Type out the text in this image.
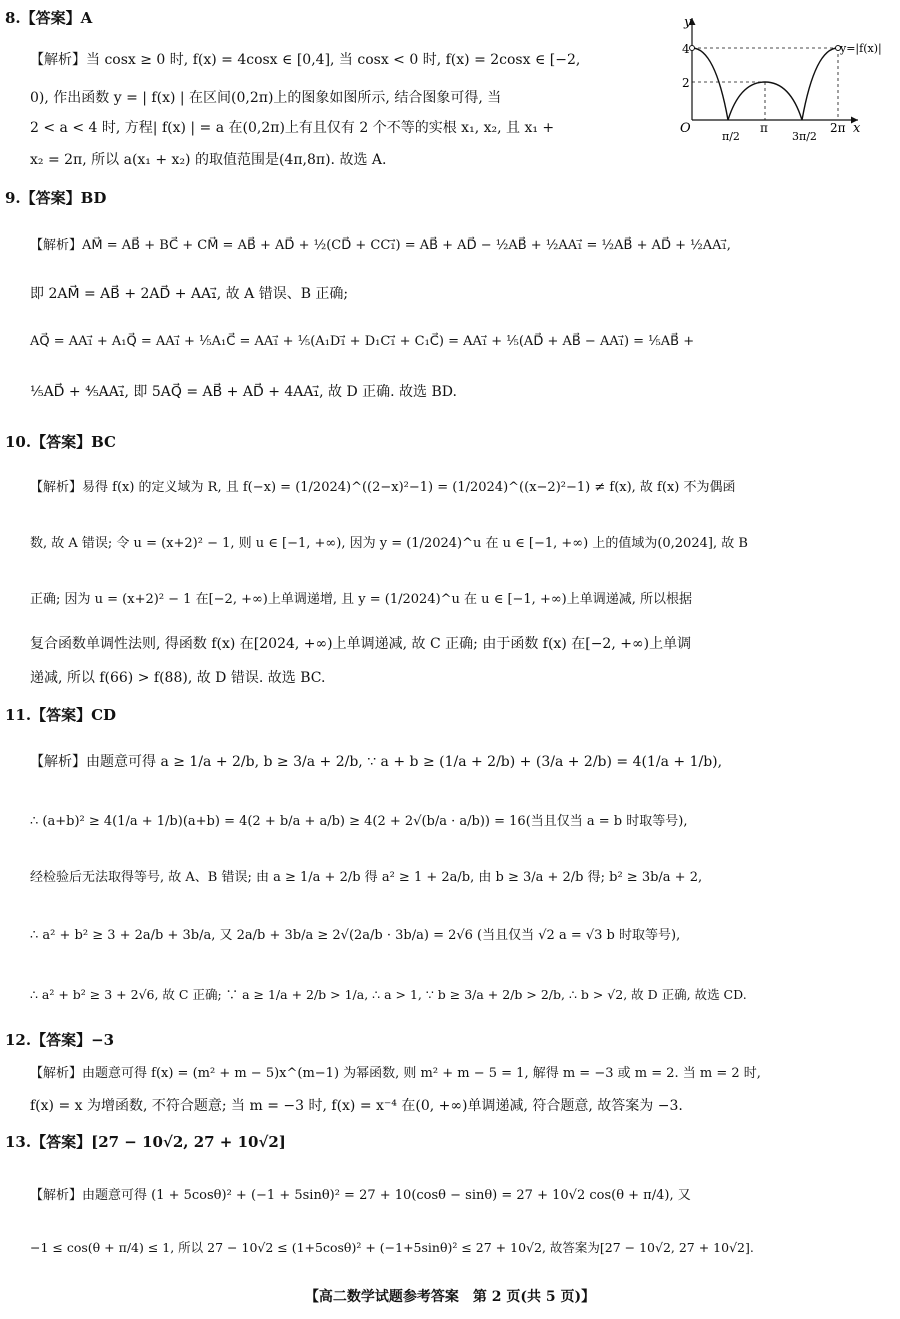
8.【答案】A
【解析】当 cosx ≥ 0 时, f(x) = 4cosx ∈ [0,4], 当 cosx < 0 时, f(x) = 2cosx ∈ [−2,
0), 作出函数 y = | f(x) | 在区间(0,2π)上的图象如图所示, 结合图象可得, 当
2 < a < 4 时, 方程| f(x) | = a 在(0,2π)上有且仅有 2 个不等的实根 x₁, x₂, 且 x₁ +
x₂ = 2π, 所以 a(x₁ + x₂) 的取值范围是(4π,8π). 故选 A.
y
x
O
4
2
y=|f(x)|
π/2
π
3π/2
2π
9.【答案】BD
【解析】AM⃗ = AB⃗ + BC⃗ + CM⃗ = AB⃗ + AD⃗ + ½(CD⃗ + CC₁⃗) = AB⃗ + AD⃗ − ½AB⃗ + ½AA₁⃗ = ½AB⃗ + AD⃗ + ½AA₁⃗,
即 2AM⃗ = AB⃗ + 2AD⃗ + AA₁⃗, 故 A 错误、B 正确;
AQ⃗ = AA₁⃗ + A₁Q⃗ = AA₁⃗ + ⅕A₁C⃗ = AA₁⃗ + ⅕(A₁D₁⃗ + D₁C₁⃗ + C₁C⃗) = AA₁⃗ + ⅕(AD⃗ + AB⃗ − AA₁⃗) = ⅕AB⃗ +
⅕AD⃗ + ⅘AA₁⃗, 即 5AQ⃗ = AB⃗ + AD⃗ + 4AA₁⃗, 故 D 正确. 故选 BD.
10.【答案】BC
【解析】易得 f(x) 的定义域为 R, 且 f(−x) = (1/2024)^((2−x)²−1) = (1/2024)^((x−2)²−1) ≠ f(x), 故 f(x) 不为偶函
数, 故 A 错误; 令 u = (x+2)² − 1, 则 u ∈ [−1, +∞), 因为 y = (1/2024)^u 在 u ∈ [−1, +∞) 上的值域为(0,2024], 故 B
正确; 因为 u = (x+2)² − 1 在[−2, +∞)上单调递增, 且 y = (1/2024)^u 在 u ∈ [−1, +∞)上单调递减, 所以根据
复合函数单调性法则, 得函数 f(x) 在[2024, +∞)上单调递减, 故 C 正确; 由于函数 f(x) 在[−2, +∞)上单调
递减, 所以 f(66) > f(88), 故 D 错误. 故选 BC.
11.【答案】CD
【解析】由题意可得 a ≥ 1/a + 2/b, b ≥ 3/a + 2/b, ∵ a + b ≥ (1/a + 2/b) + (3/a + 2/b) = 4(1/a + 1/b),
∴ (a+b)² ≥ 4(1/a + 1/b)(a+b) = 4(2 + b/a + a/b) ≥ 4(2 + 2√(b/a · a/b)) = 16(当且仅当 a = b 时取等号),
经检验后无法取得等号, 故 A、B 错误; 由 a ≥ 1/a + 2/b 得 a² ≥ 1 + 2a/b, 由 b ≥ 3/a + 2/b 得; b² ≥ 3b/a + 2,
∴ a² + b² ≥ 3 + 2a/b + 3b/a, 又 2a/b + 3b/a ≥ 2√(2a/b · 3b/a) = 2√6 (当且仅当 √2 a = √3 b 时取等号),
∴ a² + b² ≥ 3 + 2√6, 故 C 正确; ∵ a ≥ 1/a + 2/b > 1/a, ∴ a > 1, ∵ b ≥ 3/a + 2/b > 2/b, ∴ b > √2, 故 D 正确, 故选 CD.
12.【答案】−3
【解析】由题意可得 f(x) = (m² + m − 5)x^(m−1) 为幂函数, 则 m² + m − 5 = 1, 解得 m = −3 或 m = 2. 当 m = 2 时,
f(x) = x 为增函数, 不符合题意; 当 m = −3 时, f(x) = x⁻⁴ 在(0, +∞)单调递减, 符合题意, 故答案为 −3.
13.【答案】[27 − 10√2, 27 + 10√2]
【解析】由题意可得 (1 + 5cosθ)² + (−1 + 5sinθ)² = 27 + 10(cosθ − sinθ) = 27 + 10√2 cos(θ + π/4), 又
−1 ≤ cos(θ + π/4) ≤ 1, 所以 27 − 10√2 ≤ (1+5cosθ)² + (−1+5sinθ)² ≤ 27 + 10√2, 故答案为[27 − 10√2, 27 + 10√2].
【高二数学试题参考答案　第 2 页(共 5 页)】
